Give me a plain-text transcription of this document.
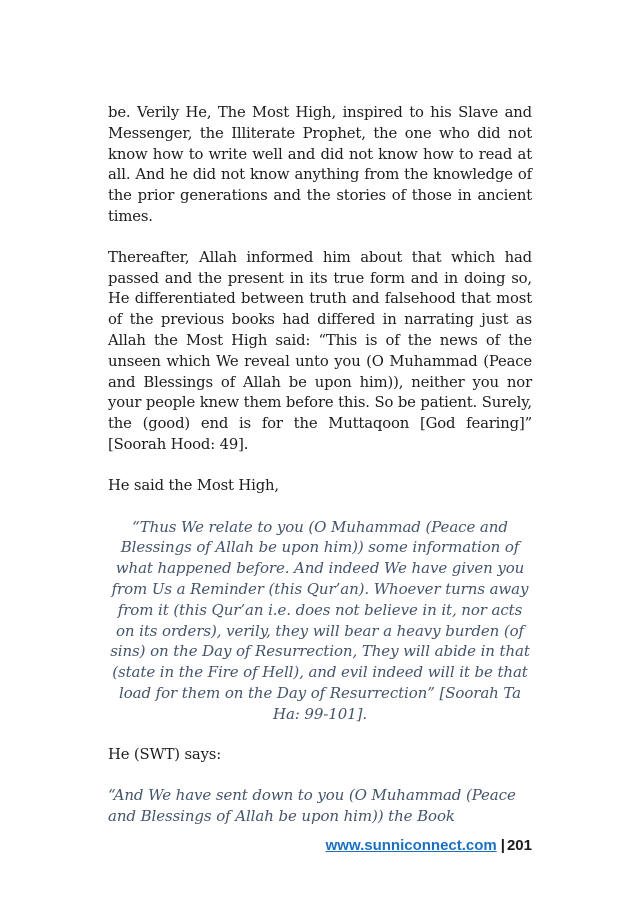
be. Verily He, The Most High, inspired to his Slave and Messenger, the Illiterate Prophet, the one who did not know how to write well and did not know how to read at all. And he did not know anything from the knowledge of the prior generations and the stories of those in ancient times.

Thereafter, Allah informed him about that which had passed and the present in its true form and in doing so, He differentiated between truth and falsehood that most of the previous books had differed in narrating just as Allah the Most High said: “This is of the news of the unseen which We reveal unto you (O Muhammad (Peace and Blessings of Allah be upon him)), neither you nor your people knew them before this. So be patient. Surely, the (good) end is for the Muttaqoon [God fearing]” [Soorah Hood: 49].

He said the Most High,

“Thus We relate to you (O Muhammad (Peace and Blessings of Allah be upon him)) some information of what happened before. And indeed We have given you from Us a Reminder (this Qur’an). Whoever turns away from it (this Qur’an i.e. does not believe in it, nor acts on its orders), verily, they will bear a heavy burden (of sins) on the Day of Resurrection, They will abide in that (state in the Fire of Hell), and evil indeed will it be that load for them on the Day of Resurrection” [Soorah Ta Ha: 99-101].

He (SWT) says:

“And We have sent down to you (O Muhammad (Peace and Blessings of Allah be upon him)) the Book

www.sunniconnect.com | 201
